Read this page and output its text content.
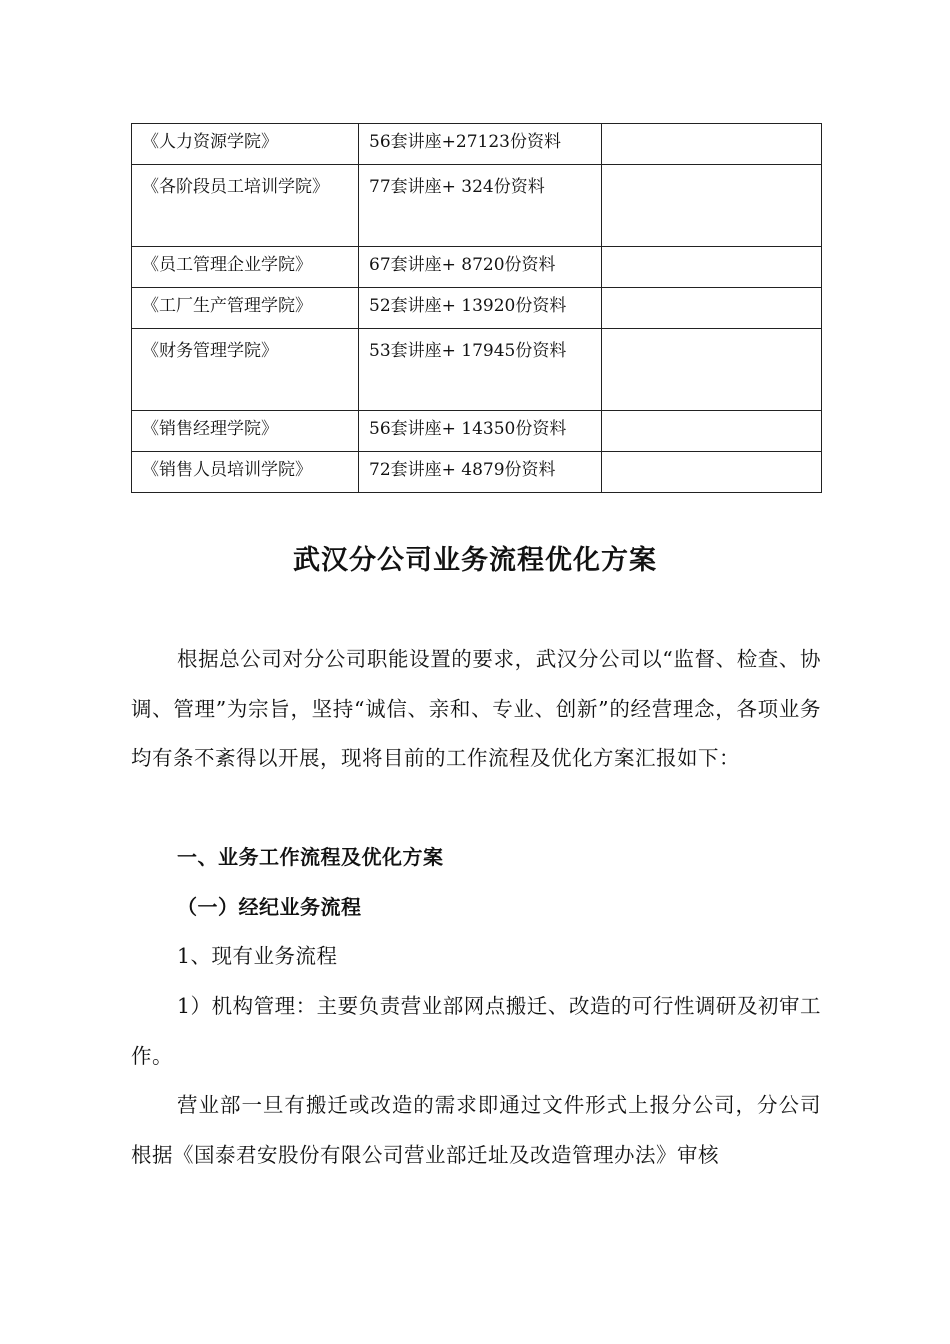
《人力资源学院》	56套讲座+27123份资料	
《各阶段员工培训学院》	77套讲座+ 324份资料	
《员工管理企业学院》	67套讲座+ 8720份资料	
《工厂生产管理学院》	52套讲座+ 13920份资料	
《财务管理学院》	53套讲座+ 17945份资料	
《销售经理学院》	56套讲座+ 14350份资料	
《销售人员培训学院》	72套讲座+ 4879份资料	
武汉分公司业务流程优化方案

根据总公司对分公司职能设置的要求，武汉分公司以“监督、检查、协调、管理”为宗旨，坚持“诚信、亲和、专业、创新”的经营理念，各项业务均有条不紊得以开展，现将目前的工作流程及优化方案汇报如下：

一、业务工作流程及优化方案

（一）经纪业务流程

1、现有业务流程

1）机构管理：主要负责营业部网点搬迁、改造的可行性调研及初审工作。

营业部一旦有搬迁或改造的需求即通过文件形式上报分公司，分公司根据《国泰君安股份有限公司营业部迁址及改造管理办法》审核
